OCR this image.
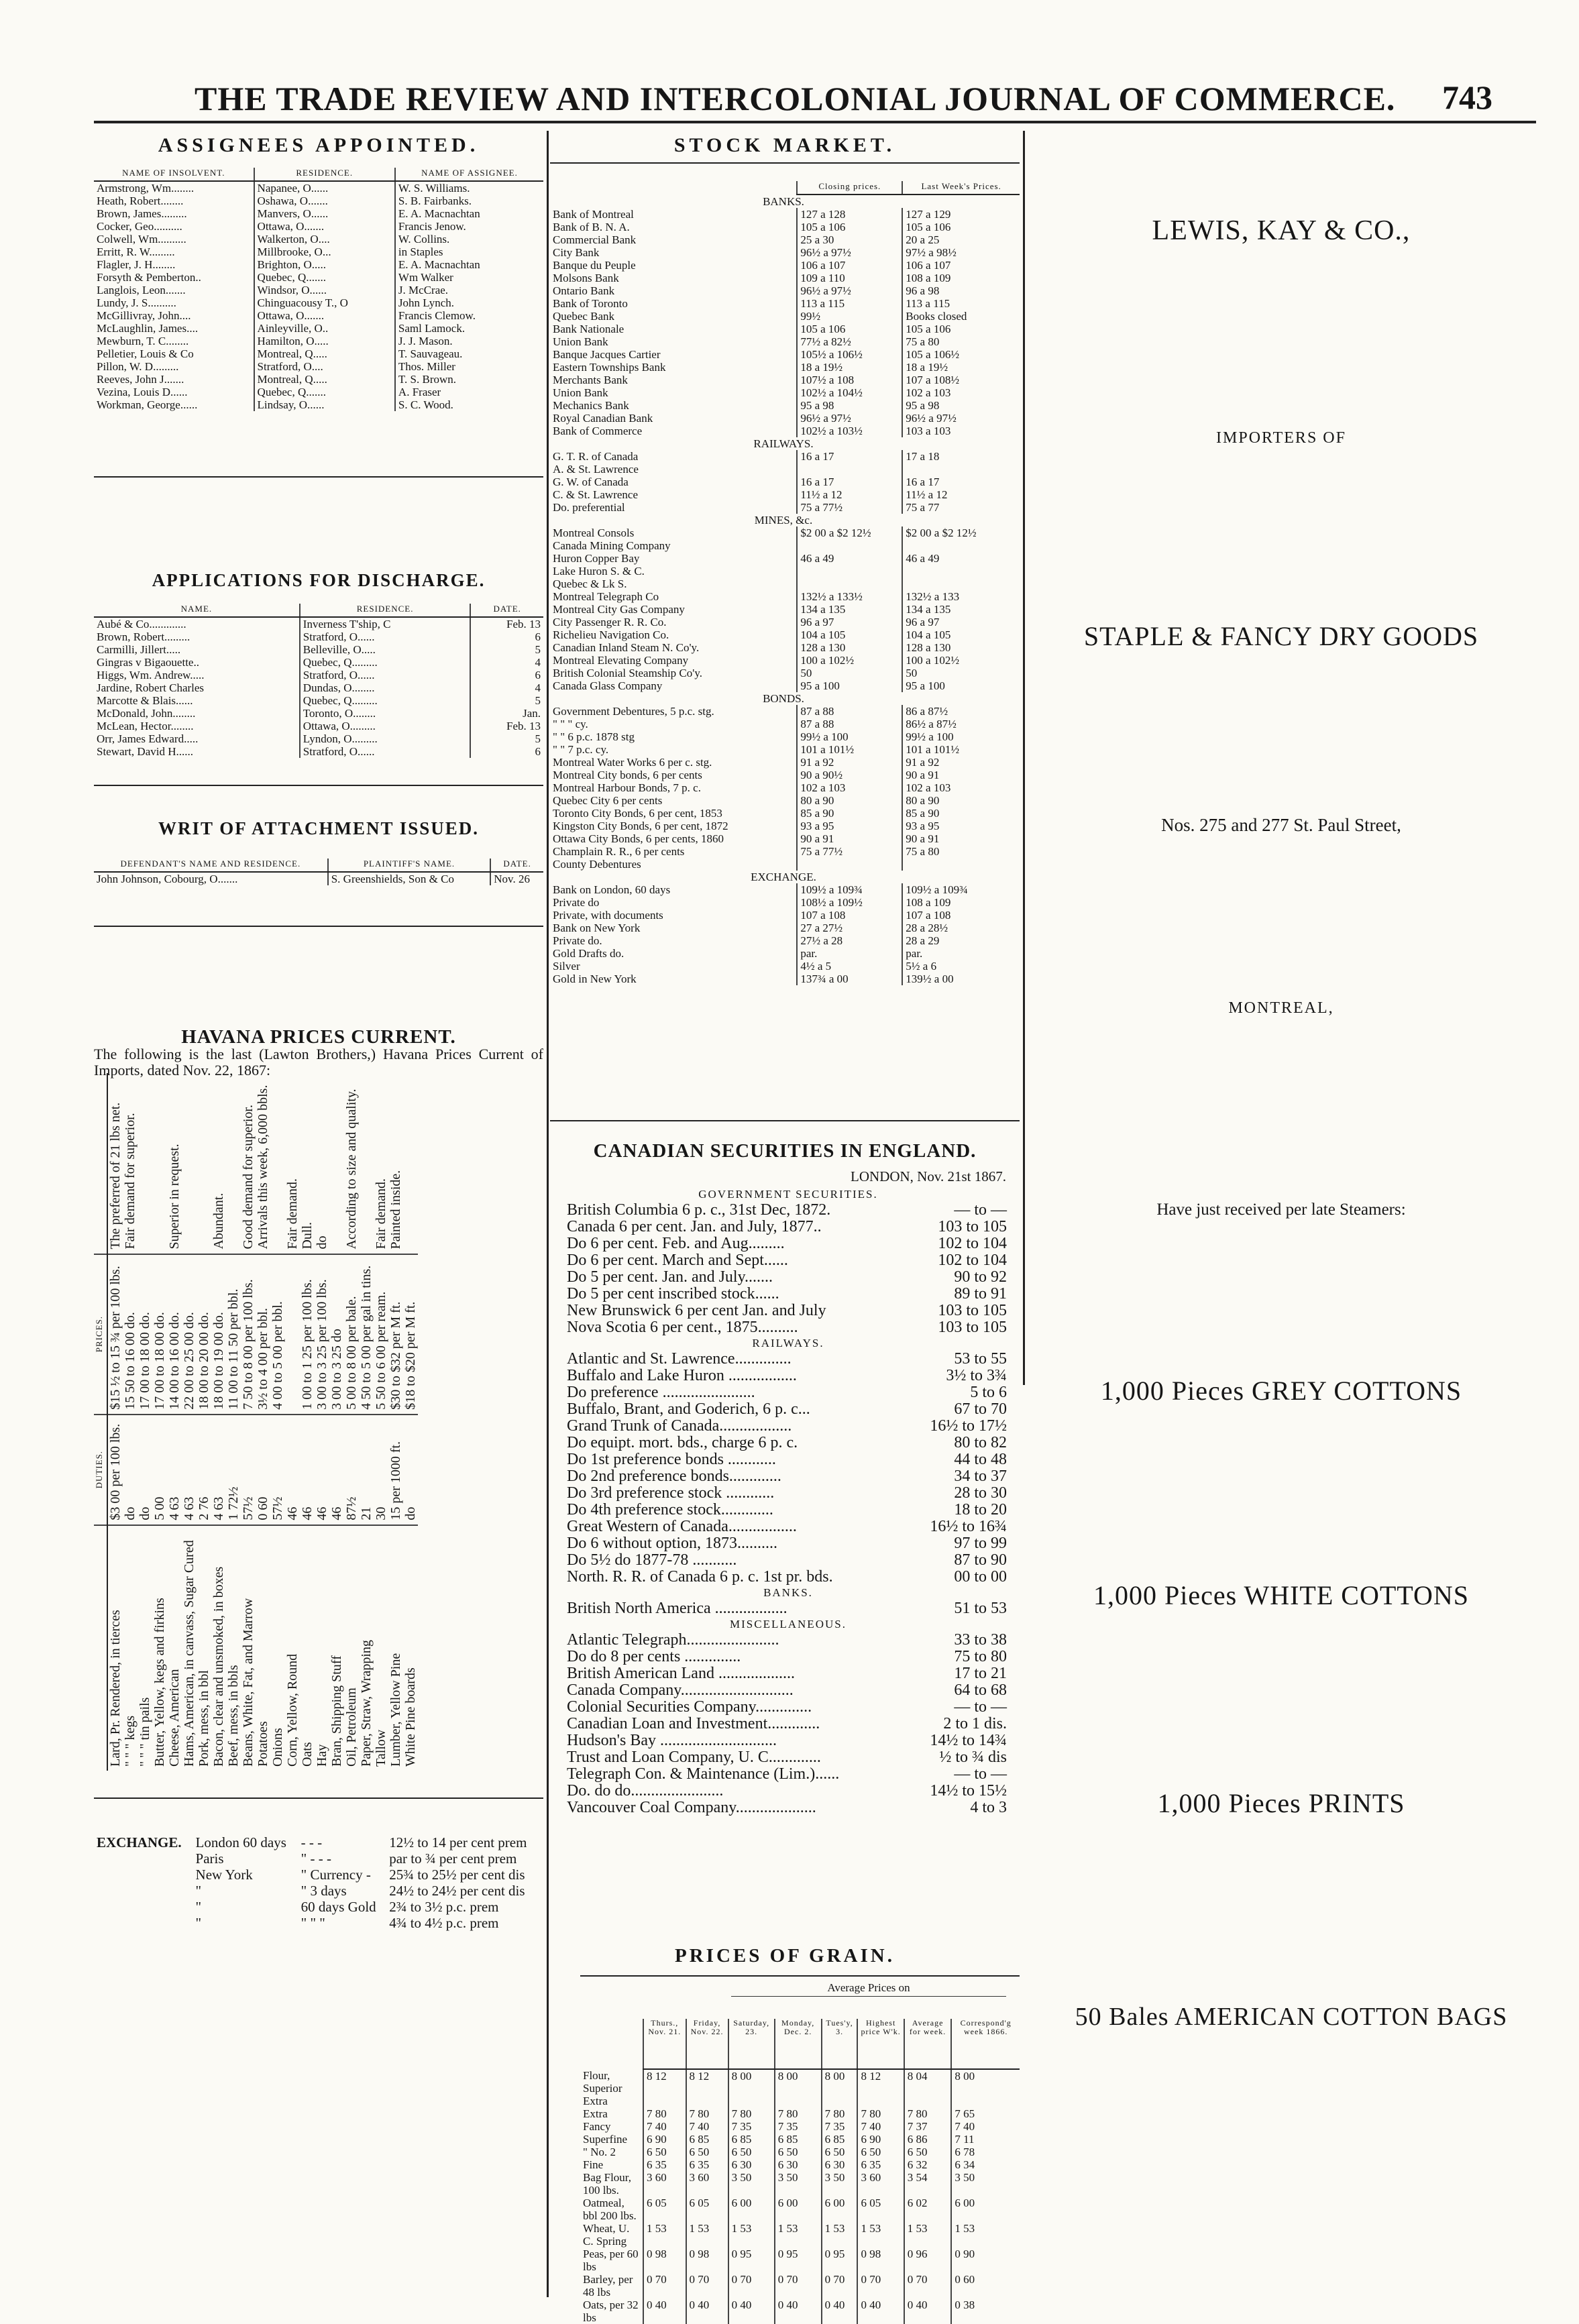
THE TRADE REVIEW AND INTERCOLONIAL JOURNAL OF COMMERCE. 743
ASSIGNEES APPOINTED.
NAME OF INSOLVENT.	RESIDENCE.	NAME OF ASSIGNEE.
Armstrong, Wm........	Napanee, O......	W. S. Williams.
Heath, Robert........	Oshawa, O.......	S. B. Fairbanks.
Brown, James.........	Manvers, O......	E. A. Macnachtan
Cocker, Geo..........	Ottawa, O.......	Francis Jenow.
Colwell, Wm..........	Walkerton, O....	W. Collins.
Erritt, R. W.........	Millbrooke, O...	in Staples
Flagler, J. H........	Brighton, O.....	E. A. Macnachtan
Forsyth & Pemberton..	Quebec, Q.......	Wm Walker
Langlois, Leon.......	Windsor, O......	J. McCrae.
Lundy, J. S..........	Chinguacousy T., O	John Lynch.
McGillivray, John....	Ottawa, O.......	Francis Clemow.
McLaughlin, James....	Ainleyville, O..	Saml Lamock.
Mewburn, T. C........	Hamilton, O.....	J. J. Mason.
Pelletier, Louis & Co	Montreal, Q.....	T. Sauvageau.
Pillon, W. D.........	Stratford, O....	Thos. Miller
Reeves, John J.......	Montreal, Q.....	T. S. Brown.
Vezina, Louis D......	Quebec, Q.......	A. Fraser
Workman, George......	Lindsay, O......	S. C. Wood.
APPLICATIONS FOR DISCHARGE.
NAME.	RESIDENCE.	DATE.
Aubé & Co.............	Inverness T'ship, C	Feb. 13
Brown, Robert.........	Stratford, O......	6
Carmilli, Jillert.....	Belleville, O.....	5
Gingras v Bigaouette..	Quebec, Q.........	4
Higgs, Wm. Andrew.....	Stratford, O......	6
Jardine, Robert Charles	Dundas, O........	4
Marcotte & Blais......	Quebec, Q.........	5
McDonald, John........	Toronto, O........	Jan.
McLean, Hector........	Ottawa, O.........	Feb. 13
Orr, James Edward.....	Lyndon, O.........	5
Stewart, David H......	Stratford, O......	6
WRIT OF ATTACHMENT ISSUED.
DEFENDANT'S NAME AND RESIDENCE.	PLAINTIFF'S NAME.	DATE.
John Johnson, Cobourg, O.......	S. Greenshields, Son & Co	Nov. 26
HAVANA PRICES CURRENT.
The following is the last (Lawton Brothers,) Havana Prices Current of Imports, dated Nov. 22, 1867:
	DUTIES.	PRICES.	
Lard, Pr. Rendered, in tierces	$3 00 per 100 lbs.	$15 ½ to 15 ¾ per 100 lbs.	The preferred of 21 lbs net.
" " " kegs	do	15 50 to 16 00 do.	Fair demand for superior.
" " " tin pails	do	17 00 to 18 00 do.	
Butter, Yellow, kegs and firkins	5 00	17 00 to 18 00 do.	
Cheese, American	4 63	14 00 to 16 00 do.	Superior in request.
Hams, American, in canvass, Sugar Cured	4 63	22 00 to 25 00 do.	
Pork, mess, in bbl	2 76	18 00 to 20 00 do.	
Bacon, clear and unsmoked, in boxes	4 63	18 00 to 19 00 do.	Abundant.
Beef, mess, in bbls	1 72½	11 00 to 11 50 per bbl.	
Beans, White, Fat, and Marrow	57½	7 50 to 8 00 per 100 lbs.	Good demand for superior.
Potatoes	0 60	3½ to 4 00 per bbl.	Arrivals this week, 6,000 bbls.
Onions	57½	4 00 to 5 00 per bbl.	
Corn, Yellow, Round	46		Fair demand.
Oats	46	1 00 to 1 25 per 100 lbs.	Dull.
Hay	46	3 00 to 3 25 per 100 lbs.	do
Bran, Shipping Stuff	46	3 00 to 3 25 do	
Oil, Petroleum	87½	5 00 to 8 00 per bale.	According to size and quality.
Paper, Straw, Wrapping	21	4 50 to 5 00 per gal in tins.	
Tallow	30	5 50 to 6 00 per ream.	Fair demand.
Lumber, Yellow Pine	15 per 1000 ft.	$30 to $32 per M ft.	Painted inside.
White Pine boards	do	$18 to $20 per M ft.	
EXCHANGE.	London 60 days	- - -	12½ to 14 per cent prem
	Paris	" - - -	par to ¾ per cent prem
	New York	" Currency -	25¾ to 25½ per cent dis
	"	" 3 days	24½ to 24½ per cent dis
	"	60 days Gold	2¾ to 3½ p.c. prem
	"	" " "	4¾ to 4½ p.c. prem
STOCK MARKET.
	Closing prices.	Last Week's Prices.
BANKS.		
Bank of Montreal	127 a 128	127 a 129
Bank of B. N. A.	105 a 106	105 a 106
Commercial Bank	25 a 30	20 a 25
City Bank	96½ a 97½	97½ a 98½
Banque du Peuple	106 a 107	106 a 107
Molsons Bank	109 a 110	108 a 109
Ontario Bank	96½ a 97½	96 a 98
Bank of Toronto	113 a 115	113 a 115
Quebec Bank	99½	Books closed
Bank Nationale	105 a 106	105 a 106
Union Bank	77½ a 82½	75 a 80
Banque Jacques Cartier	105½ a 106½	105 a 106½
Eastern Townships Bank	18 a 19½	18 a 19½
Merchants Bank	107½ a 108	107 a 108½
Union Bank	102½ a 104½	102 a 103
Mechanics Bank	95 a 98	95 a 98
Royal Canadian Bank	96½ a 97½	96½ a 97½
Bank of Commerce	102½ a 103½	103 a 103
RAILWAYS.		
G. T. R. of Canada	16 a 17	17 a 18
A. & St. Lawrence		
G. W. of Canada	16 a 17	16 a 17
C. & St. Lawrence	11½ a 12	11½ a 12
Do. preferential	75 a 77½	75 a 77
MINES, &c.		
Montreal Consols	$2 00 a $2 12½	$2 00 a $2 12½
Canada Mining Company		
Huron Copper Bay	46 a 49	46 a 49
Lake Huron S. & C.		
Quebec & Lk S.		
Montreal Telegraph Co	132½ a 133½	132½ a 133
Montreal City Gas Company	134 a 135	134 a 135
City Passenger R. R. Co.	96 a 97	96 a 97
Richelieu Navigation Co.	104 a 105	104 a 105
Canadian Inland Steam N. Co'y.	128 a 130	128 a 130
Montreal Elevating Company	100 a 102½	100 a 102½
British Colonial Steamship Co'y.	50	50
Canada Glass Company	95 a 100	95 a 100
BONDS.		
Government Debentures, 5 p.c. stg.	87 a 88	86 a 87½
" " " cy.	87 a 88	86½ a 87½
" " 6 p.c. 1878 stg	99½ a 100	99½ a 100
" " 7 p.c. cy.	101 a 101½	101 a 101½
Montreal Water Works 6 per c. stg.	91 a 92	91 a 92
Montreal City bonds, 6 per cents	90 a 90½	90 a 91
Montreal Harbour Bonds, 7 p. c.	102 a 103	102 a 103
Quebec City 6 per cents	80 a 90	80 a 90
Toronto City Bonds, 6 per cent, 1853	85 a 90	85 a 90
Kingston City Bonds, 6 per cent, 1872	93 a 95	93 a 95
Ottawa City Bonds, 6 per cents, 1860	90 a 91	90 a 91
Champlain R. R., 6 per cents	75 a 77½	75 a 80
County Debentures		
EXCHANGE.		
Bank on London, 60 days	109½ a 109¾	109½ a 109¾
Private do	108½ a 109½	108 a 109
Private, with documents	107 a 108	107 a 108
Bank on New York	27 a 27½	28 a 28½
Private do.	27½ a 28	28 a 29
Gold Drafts do.	par.	par.
Silver	4½ a 5	5½ a 6
Gold in New York	137¾ a 00	139½ a 00
CANADIAN SECURITIES IN ENGLAND.
LONDON, Nov. 21st 1867.
GOVERNMENT SECURITIES.	
British Columbia 6 p. c., 31st Dec, 1872.	— to —
Canada 6 per cent. Jan. and July, 1877..	103 to 105
Do 6 per cent. Feb. and Aug.........	102 to 104
Do 6 per cent. March and Sept......	102 to 104
Do 5 per cent. Jan. and July.......	90 to 92
Do 5 per cent inscribed stock......	89 to 91
New Brunswick 6 per cent Jan. and July	103 to 105
Nova Scotia 6 per cent., 1875..........	103 to 105
RAILWAYS.	
Atlantic and St. Lawrence..............	53 to 55
Buffalo and Lake Huron .................	3½ to 3¾
Do preference .......................	5 to 6
Buffalo, Brant, and Goderich, 6 p. c...	67 to 70
Grand Trunk of Canada..................	16½ to 17½
Do equipt. mort. bds., charge 6 p. c.	80 to 82
Do 1st preference bonds ............	44 to 48
Do 2nd preference bonds.............	34 to 37
Do 3rd preference stock ............	28 to 30
Do 4th preference stock.............	18 to 20
Great Western of Canada.................	16½ to 16¾
Do 6 without option, 1873..........	97 to 99
Do 5½ do 1877-78 ...........	87 to 90
North. R. R. of Canada 6 p. c. 1st pr. bds.	00 to 00
BANKS.	
British North America ..................	51 to 53
MISCELLANEOUS.	
Atlantic Telegraph.......................	33 to 38
Do do 8 per cents ..............	75 to 80
British American Land ...................	17 to 21
Canada Company............................	64 to 68
Colonial Securities Company..............	— to —
Canadian Loan and Investment.............	2 to 1 dis.
Hudson's Bay .............................	14½ to 14¾
Trust and Loan Company, U. C.............	½ to ¾ dis
Telegraph Con. & Maintenance (Lim.)......	— to —
Do. do do.......................	14½ to 15½
Vancouver Coal Company....................	4 to 3
PRICES OF GRAIN.
Average Prices on
	Thurs., Nov. 21.	Friday, Nov. 22.	Saturday, 23.	Monday, Dec. 2.	Tues'y, 3.	Highest price W'k.	Average for week.	Correspond'g week 1866.
Flour, Superior Extra	8 12	8 12	8 00	8 00	8 00	8 12	8 04	8 00
Extra	7 80	7 80	7 80	7 80	7 80	7 80	7 80	7 65
Fancy	7 40	7 40	7 35	7 35	7 35	7 40	7 37	7 40
Superfine	6 90	6 85	6 85	6 85	6 85	6 90	6 86	7 11
" No. 2	6 50	6 50	6 50	6 50	6 50	6 50	6 50	6 78
Fine	6 35	6 35	6 30	6 30	6 30	6 35	6 32	6 34
Bag Flour, 100 lbs.	3 60	3 60	3 50	3 50	3 50	3 60	3 54	3 50
Oatmeal, bbl 200 lbs.	6 05	6 05	6 00	6 00	6 00	6 05	6 02	6 00
Wheat, U. C. Spring	1 53	1 53	1 53	1 53	1 53	1 53	1 53	1 53
Peas, per 60 lbs	0 98	0 98	0 95	0 95	0 95	0 98	0 96	0 90
Barley, per 48 lbs	0 70	0 70	0 70	0 70	0 70	0 70	0 70	0 60
Oats, per 32 lbs	0 40	0 40	0 40	0 40	0 40	0 40	0 40	0 38
LEWIS, KAY & CO.,
IMPORTERS OF
STAPLE & FANCY DRY GOODS
Nos. 275 and 277 St. Paul Street,
MONTREAL,
Have just received per late Steamers:
1,000 Pieces GREY COTTONS
1,000 Pieces WHITE COTTONS
1,000 Pieces PRINTS
50 Bales AMERICAN COTTON BAGS
